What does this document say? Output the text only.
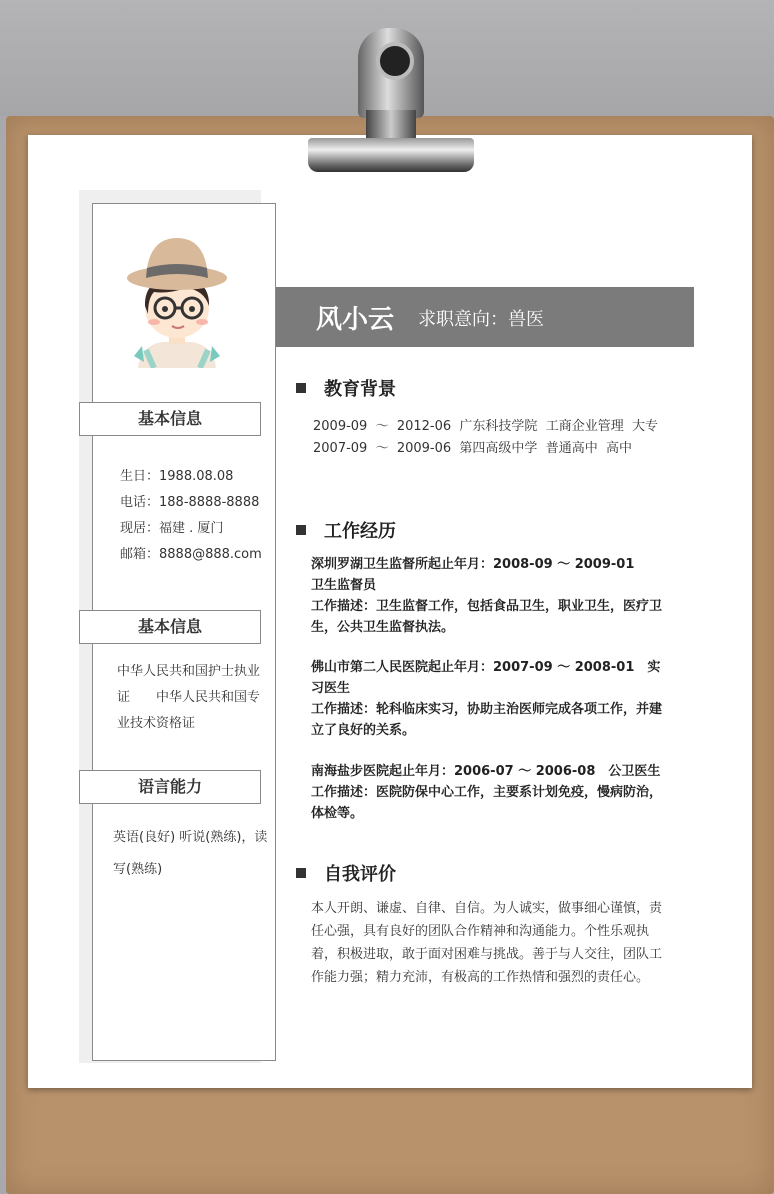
基本信息
生日：1988.08.08
电话：188-8888-8888
现居：福建 . 厦门
邮箱：8888@888.com
基本信息
中华人民共和国护士执业
证　　中华人民共和国专
业技术资格证
语言能力
英语(良好) 听说(熟练)，读
写(熟练)
风小云 求职意向：兽医
教育背景
2009-09  ～  2012-06  广东科技学院  工商企业管理  大专
2007-09  ～  2009-06  第四高级中学  普通高中  高中
工作经历
深圳罗湖卫生监督所起止年月：2008-09 ～ 2009-01　　卫生监督员
工作描述：卫生监督工作，包括食品卫生，职业卫生，医疗卫生，公共卫生监督执法。
佛山市第二人民医院起止年月：2007-09 ～ 2008-01　实习医生
工作描述：轮科临床实习，协助主治医师完成各项工作，并建立了良好的关系。
南海盐步医院起止年月：2006-07 ～ 2006-08　公卫医生
工作描述：医院防保中心工作，主要系计划免疫，慢病防治，体检等。
自我评价
本人开朗、谦虚、自律、自信。为人诚实，做事细心谨慎，责任心强，具有良好的团队合作精神和沟通能力。个性乐观执着，积极进取，敢于面对困难与挑战。善于与人交往，团队工作能力强；精力充沛，有极高的工作热情和强烈的责任心。
